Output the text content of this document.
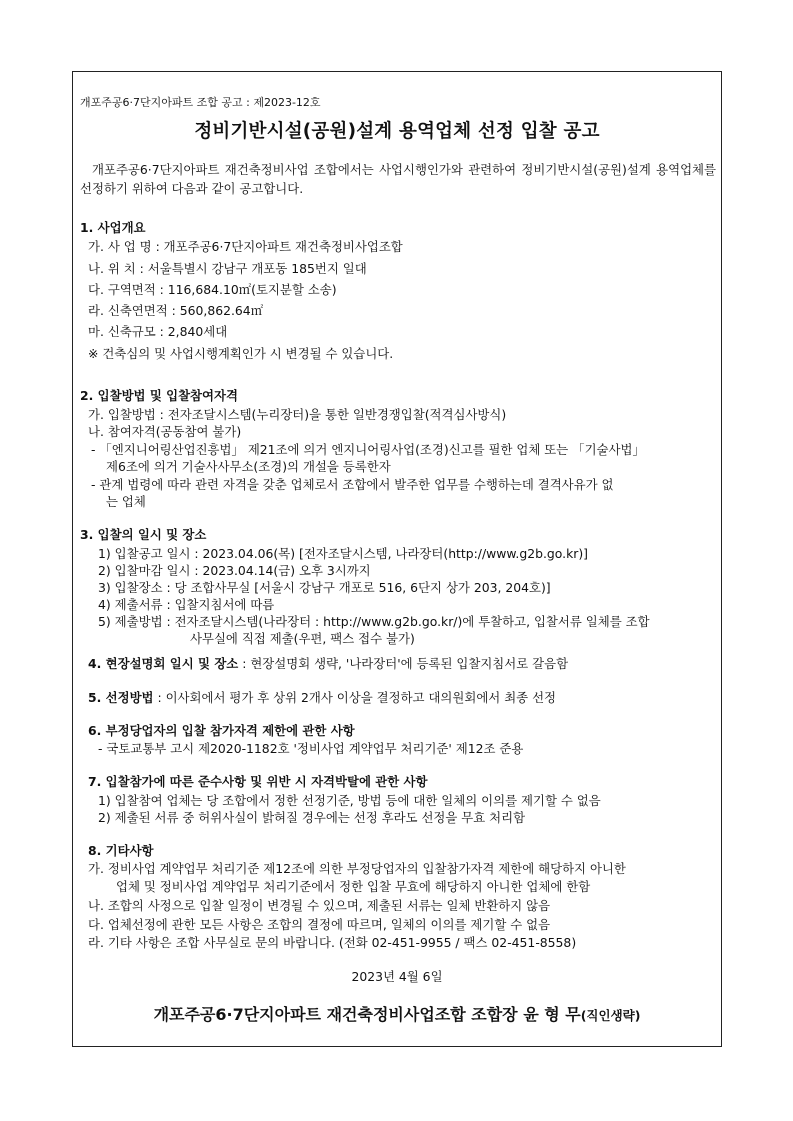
개포주공6·7단지아파트 조합 공고 : 제2023-12호
정비기반시설(공원)설계 용역업체 선정 입찰 공고
개포주공6·7단지아파트 재건축정비사업 조합에서는 사업시행인가와 관련하여 정비기반시설(공원)설계 용역업체를 선정하기 위하여 다음과 같이 공고합니다.
1. 사업개요
가. 사 업 명 : 개포주공6·7단지아파트 재건축정비사업조합
나. 위 치 : 서울특별시 강남구 개포동 185번지 일대
다. 구역면적 : 116,684.10㎡(토지분할 소송)
라. 신축연면적 : 560,862.64㎡
마. 신축규모 : 2,840세대
※ 건축심의 및 사업시행계획인가 시 변경될 수 있습니다.
2. 입찰방법 및 입찰참여자격
가. 입찰방법 : 전자조달시스템(누리장터)을 통한 일반경쟁입찰(적격심사방식)
나. 참여자격(공동참여 불가)
- 「엔지니어링산업진흥법」 제21조에 의거 엔지니어링사업(조경)신고를 필한 업체 또는 「기술사법」
제6조에 의거 기술사사무소(조경)의 개설을 등록한자
- 관계 법령에 따라 관련 자격을 갖춘 업체로서 조합에서 발주한 업무를 수행하는데 결격사유가 없
는 업체
3. 입찰의 일시 및 장소
1) 입찰공고 일시 : 2023.04.06(목) [전자조달시스템, 나라장터(http://www.g2b.go.kr)]
2) 입찰마감 일시 : 2023.04.14(금) 오후 3시까지
3) 입찰장소 : 당 조합사무실 [서울시 강남구 개포로 516, 6단지 상가 203, 204호)]
4) 제출서류 : 입찰지침서에 따름
5) 제출방법 : 전자조달시스템(나라장터 : http://www.g2b.go.kr/)에 투찰하고, 입찰서류 일체를 조합
사무실에 직접 제출(우편, 팩스 접수 불가)
4. 현장설명회 일시 및 장소 : 현장설명회 생략, '나라장터'에 등록된 입찰지침서로 갈음함
5. 선정방법 : 이사회에서 평가 후 상위 2개사 이상을 결정하고 대의원회에서 최종 선정
6. 부정당업자의 입찰 참가자격 제한에 관한 사항
- 국토교통부 고시 제2020-1182호 '정비사업 계약업무 처리기준' 제12조 준용
7. 입찰참가에 따른 준수사항 및 위반 시 자격박탈에 관한 사항
1) 입찰참여 업체는 당 조합에서 정한 선정기준, 방법 등에 대한 일체의 이의를 제기할 수 없음
2) 제출된 서류 중 허위사실이 밝혀질 경우에는 선정 후라도 선정을 무효 처리함
8. 기타사항
가. 정비사업 계약업무 처리기준 제12조에 의한 부정당업자의 입찰참가자격 제한에 해당하지 아니한
업체 및 정비사업 계약업무 처리기준에서 정한 입찰 무효에 해당하지 아니한 업체에 한함
나. 조합의 사정으로 입찰 일정이 변경될 수 있으며, 제출된 서류는 일체 반환하지 않음
다. 업체선정에 관한 모든 사항은 조합의 결정에 따르며, 일체의 이의를 제기할 수 없음
라. 기타 사항은 조합 사무실로 문의 바랍니다. (전화 02-451-9955 / 팩스 02-451-8558)
2023년 4월 6일
개포주공6·7단지아파트 재건축정비사업조합 조합장 윤 형 무(직인생략)
